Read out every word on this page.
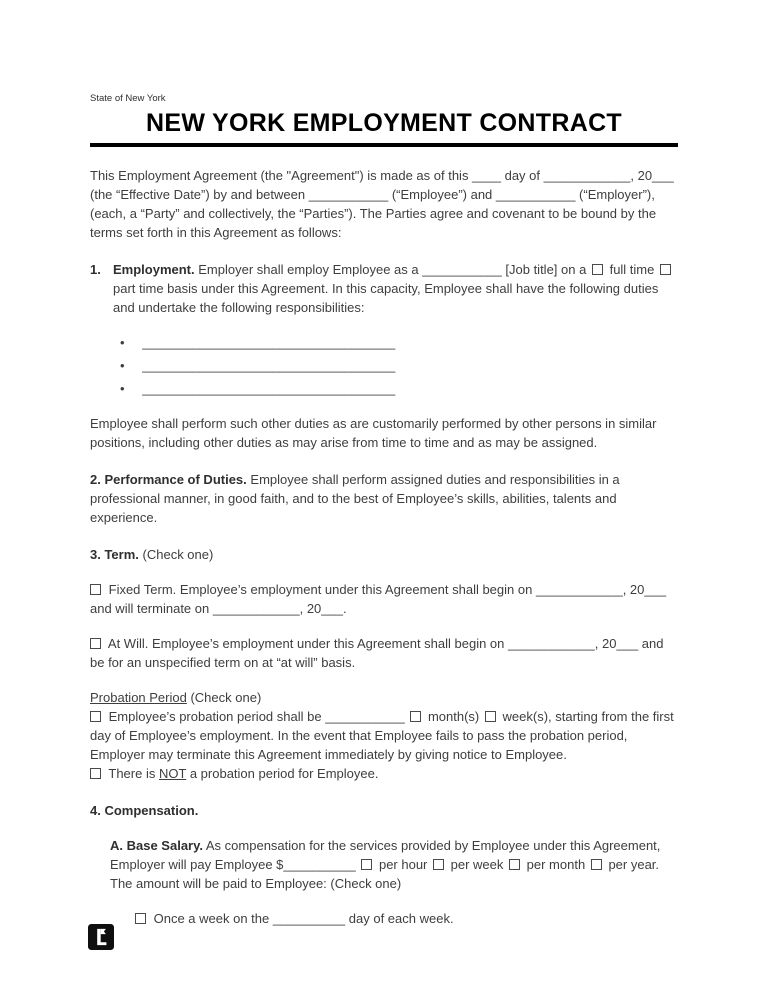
State of New York
NEW YORK EMPLOYMENT CONTRACT

This Employment Agreement (the "Agreement") is made as of this ____ day of ____________, 20___ (the “Effective Date”) by and between ___________ (“Employee”) and ___________ (“Employer”), (each, a “Party” and collectively, the “Parties”). The Parties agree and covenant to be bound by the terms set forth in this Agreement as follows:

1. Employment. Employer shall employ Employee as a ___________ [Job title] on a full time  part time basis under this Agreement. In this capacity, Employee shall have the following duties and undertake the following responsibilities:
• ___________________________________
• ___________________________________
• ___________________________________

Employee shall perform such other duties as are customarily performed by other persons in similar positions, including other duties as may arise from time to time and as may be assigned.

2. Performance of Duties. Employee shall perform assigned duties and responsibilities in a professional manner, in good faith, and to the best of Employee’s skills, abilities, talents and experience.

3. Term. (Check one)

Fixed Term. Employee’s employment under this Agreement shall begin on ____________, 20___ and will terminate on ____________, 20___.

At Will. Employee’s employment under this Agreement shall begin on ____________, 20___ and be for an unspecified term on at “at will” basis.

Probation Period (Check one)
Employee’s probation period shall be ___________ month(s) week(s), starting from the first day of Employee’s employment. In the event that Employee fails to pass the probation period, Employer may terminate this Agreement immediately by giving notice to Employee.
There is NOT a probation period for Employee.

4. Compensation.

A. Base Salary. As compensation for the services provided by Employee under this Agreement, Employer will pay Employee $__________ per hour per week per month per year. The amount will be paid to Employee: (Check one)
Once a week on the __________ day of each week.
